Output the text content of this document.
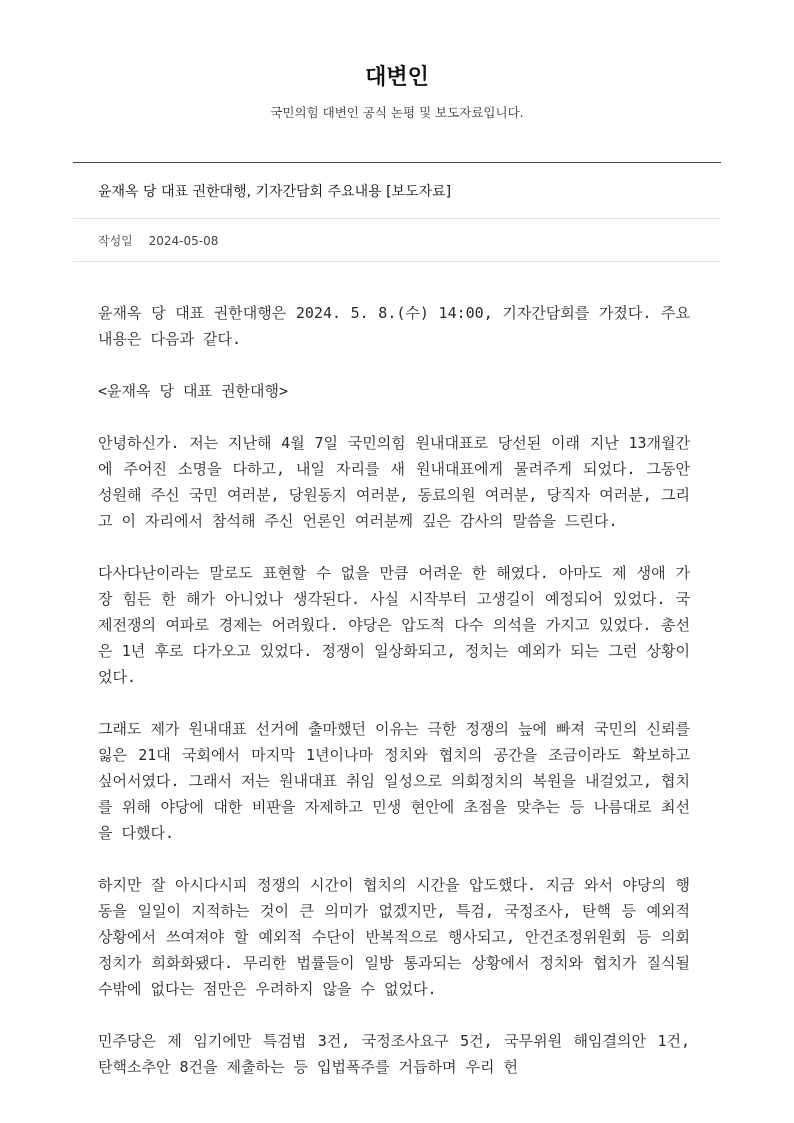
대변인

국민의힘 대변인 공식 논평 및 보도자료입니다.

윤재옥 당 대표 권한대행, 기자간담회 주요내용 [보도자료]
작성일 2024-05-08

윤재옥 당 대표 권한대행은 2024. 5. 8.(수) 14:00, 기자간담회를 가졌다. 주요내용은 다음과 같다.

<윤재옥 당 대표 권한대행>

안녕하신가. 저는 지난해 4월 7일 국민의힘 원내대표로 당선된 이래 지난 13개월간에 주어진 소명을 다하고, 내일 자리를 새 원내대표에게 물려주게 되었다. 그동안 성원해 주신 국민 여러분, 당원동지 여러분, 동료의원 여러분, 당직자 여러분, 그리고 이 자리에서 참석해 주신 언론인 여러분께 깊은 감사의 말씀을 드린다.

다사다난이라는 말로도 표현할 수 없을 만큼 어려운 한 해였다. 아마도 제 생애 가장 힘든 한 해가 아니었나 생각된다. 사실 시작부터 고생길이 예정되어 있었다. 국제전쟁의 여파로 경제는 어려웠다. 야당은 압도적 다수 의석을 가지고 있었다. 총선은 1년 후로 다가오고 있었다. 정쟁이 일상화되고, 정치는 예외가 되는 그런 상황이었다.

그래도 제가 원내대표 선거에 출마했던 이유는 극한 정쟁의 늪에 빠져 국민의 신뢰를 잃은 21대 국회에서 마지막 1년이나마 정치와 협치의 공간을 조금이라도 확보하고 싶어서였다. 그래서 저는 원내대표 취임 일성으로 의회정치의 복원을 내걸었고, 협치를 위해 야당에 대한 비판을 자제하고 민생 현안에 초점을 맞추는 등 나름대로 최선을 다했다.

하지만 잘 아시다시피 정쟁의 시간이 협치의 시간을 압도했다. 지금 와서 야당의 행동을 일일이 지적하는 것이 큰 의미가 없겠지만, 특검, 국정조사, 탄핵 등 예외적 상황에서 쓰여져야 할 예외적 수단이 반복적으로 행사되고, 안건조정위원회 등 의회정치가 희화화됐다. 무리한 법률들이 일방 통과되는 상황에서 정치와 협치가 질식될 수밖에 없다는 점만은 우려하지 않을 수 없었다.

민주당은 제 임기에만 특검법 3건, 국정조사요구 5건, 국무위원 해임결의안 1건, 탄핵소추안 8건을 제출하는 등 입법폭주를 거듭하며 우리 헌
